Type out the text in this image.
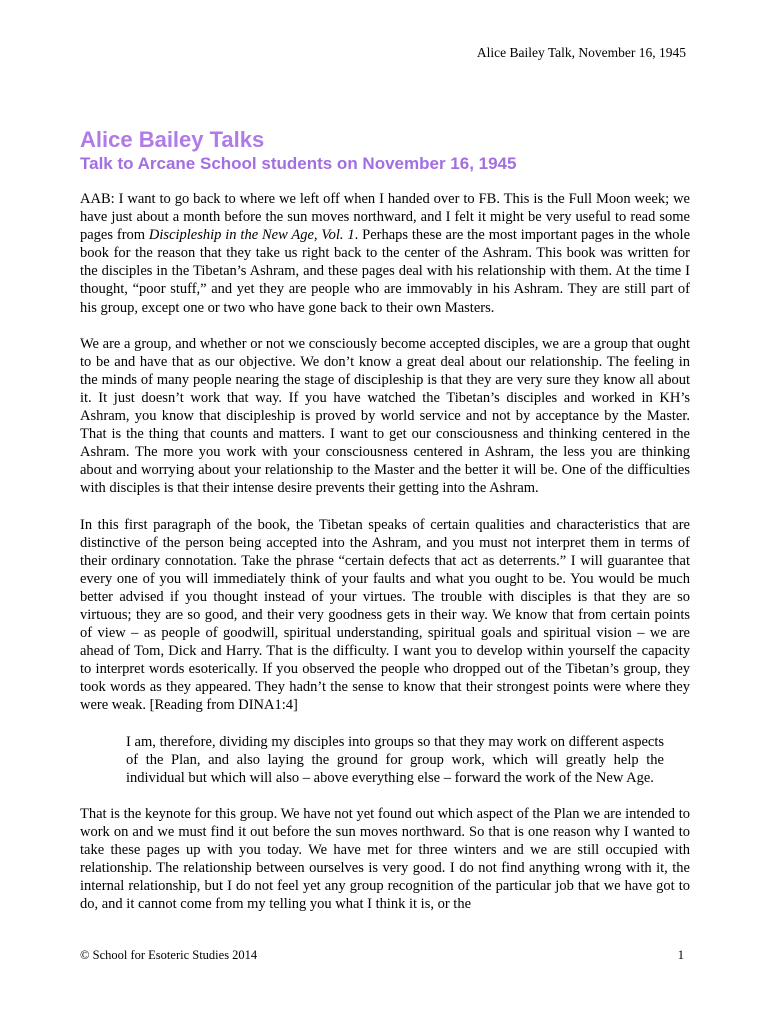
Alice Bailey Talk, November 16, 1945
Alice Bailey Talks
Talk to Arcane School students on November 16, 1945

AAB: I want to go back to where we left off when I handed over to FB. This is the Full Moon week; we have just about a month before the sun moves northward, and I felt it might be very useful to read some pages from Discipleship in the New Age, Vol. 1. Perhaps these are the most important pages in the whole book for the reason that they take us right back to the center of the Ashram. This book was written for the disciples in the Tibetan’s Ashram, and these pages deal with his relationship with them. At the time I thought, “poor stuff,” and yet they are people who are immovably in his Ashram. They are still part of his group, except one or two who have gone back to their own Masters.

We are a group, and whether or not we consciously become accepted disciples, we are a group that ought to be and have that as our objective. We don’t know a great deal about our relationship. The feeling in the minds of many people nearing the stage of discipleship is that they are very sure they know all about it. It just doesn’t work that way. If you have watched the Tibetan’s disciples and worked in KH’s Ashram, you know that discipleship is proved by world service and not by acceptance by the Master. That is the thing that counts and matters. I want to get our consciousness and thinking centered in the Ashram. The more you work with your consciousness centered in Ashram, the less you are thinking about and worrying about your relationship to the Master and the better it will be. One of the difficulties with disciples is that their intense desire prevents their getting into the Ashram.

In this first paragraph of the book, the Tibetan speaks of certain qualities and characteristics that are distinctive of the person being accepted into the Ashram, and you must not interpret them in terms of their ordinary connotation. Take the phrase “certain defects that act as deterrents.” I will guarantee that every one of you will immediately think of your faults and what you ought to be. You would be much better advised if you thought instead of your virtues. The trouble with disciples is that they are so virtuous; they are so good, and their very goodness gets in their way. We know that from certain points of view – as people of goodwill, spiritual understanding, spiritual goals and spiritual vision – we are ahead of Tom, Dick and Harry. That is the difficulty. I want you to develop within yourself the capacity to interpret words esoterically. If you observed the people who dropped out of the Tibetan’s group, they took words as they appeared. They hadn’t the sense to know that their strongest points were where they were weak. [Reading from DINA1:4]

I am, therefore, dividing my disciples into groups so that they may work on different aspects of the Plan, and also laying the ground for group work, which will greatly help the individual but which will also – above everything else – forward the work of the New Age.

That is the keynote for this group. We have not yet found out which aspect of the Plan we are intended to work on and we must find it out before the sun moves northward. So that is one reason why I wanted to take these pages up with you today. We have met for three winters and we are still occupied with relationship. The relationship between ourselves is very good. I do not find anything wrong with it, the internal relationship, but I do not feel yet any group recognition of the particular job that we have got to do, and it cannot come from my telling you what I think it is, or the

© School for Esoteric Studies 2014	1
